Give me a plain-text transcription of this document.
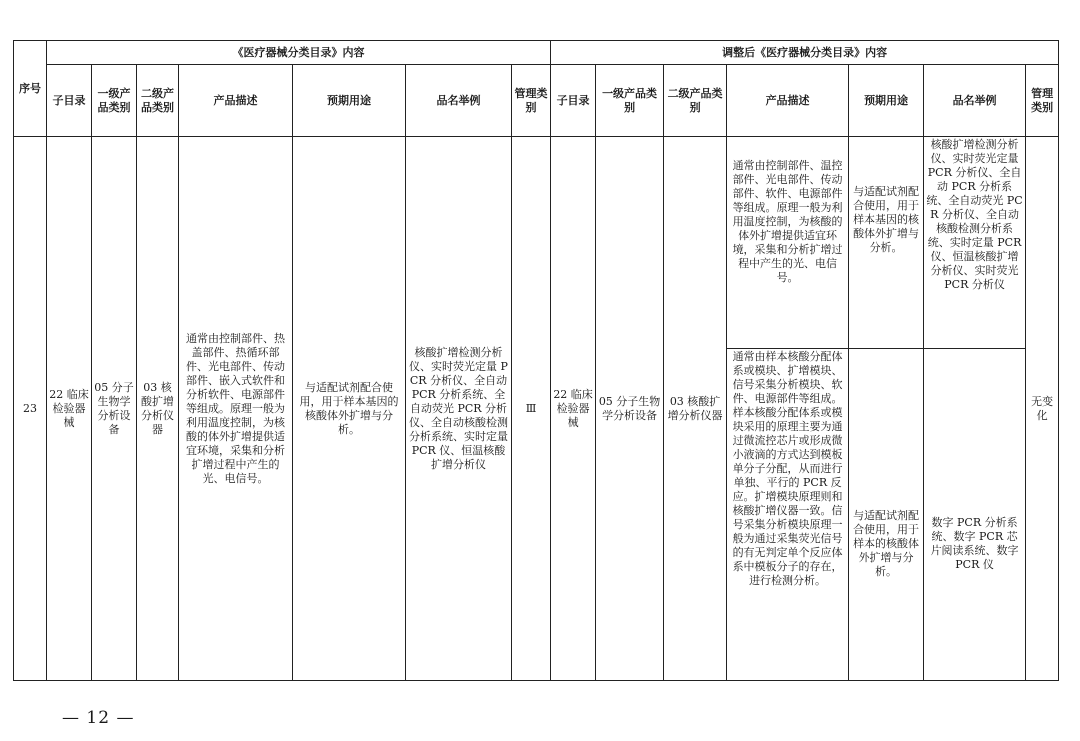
序号	《医疗器械分类目录》内容							调整后《医疗器械分类目录》内容						
	子目录	一级产品类别	二级产品类别	产品描述	预期用途	品名举例	管理类别	子目录	一级产品类别	二级产品类别	产品描述	预期用途	品名举例	管理类别
23	22 临床检验器械	05 分子生物学分析设备	03 核酸扩增分析仪器	通常由控制部件、热盖部件、热循环部件、光电部件、传动部件、嵌入式软件和分析软件、电源部件等组成。原理一般为利用温度控制，为核酸的体外扩增提供适宜环境，采集和分析扩增过程中产生的光、电信号。	与适配试剂配合使用，用于样本基因的核酸体外扩增与分析。	核酸扩增检测分析仪、实时荧光定量 PCR 分析仪、全自动 PCR 分析系统、全自动荧光 PCR 分析仪、全自动核酸检测分析系统、实时定量 PCR 仪、恒温核酸扩增分析仪	Ⅲ	22 临床检验器械	05 分子生物学分析设备	03 核酸扩增分析仪器	通常由控制部件、温控部件、光电部件、传动部件、软件、电源部件等组成。原理一般为利用温度控制，为核酸的体外扩增提供适宜环境，采集和分析扩增过程中产生的光、电信号。	与适配试剂配合使用，用于样本基因的核酸体外扩增与分析。	核酸扩增检测分析仪、实时荧光定量 PCR 分析仪、全自动 PCR 分析系统、全自动荧光 PCR 分析仪、全自动核酸检测分析系统、实时定量 PCR 仪、恒温核酸扩增分析仪、实时荧光 PCR 分析仪	无变化
											通常由样本核酸分配体系或模块、扩增模块、信号采集分析模块、软件、电源部件等组成。样本核酸分配体系或模块采用的原理主要为通过微流控芯片或形成微小液滴的方式达到模板单分子分配，从而进行单独、平行的 PCR 反应。扩增模块原理则和核酸扩增仪器一致。信号采集分析模块原理一般为通过采集荧光信号的有无判定单个反应体系中模板分子的存在，进行检测分析。	与适配试剂配合使用，用于样本的核酸体外扩增与分析。	数字 PCR 分析系统、数字 PCR 芯片阅读系统、数字 PCR 仪	
— 12 —
